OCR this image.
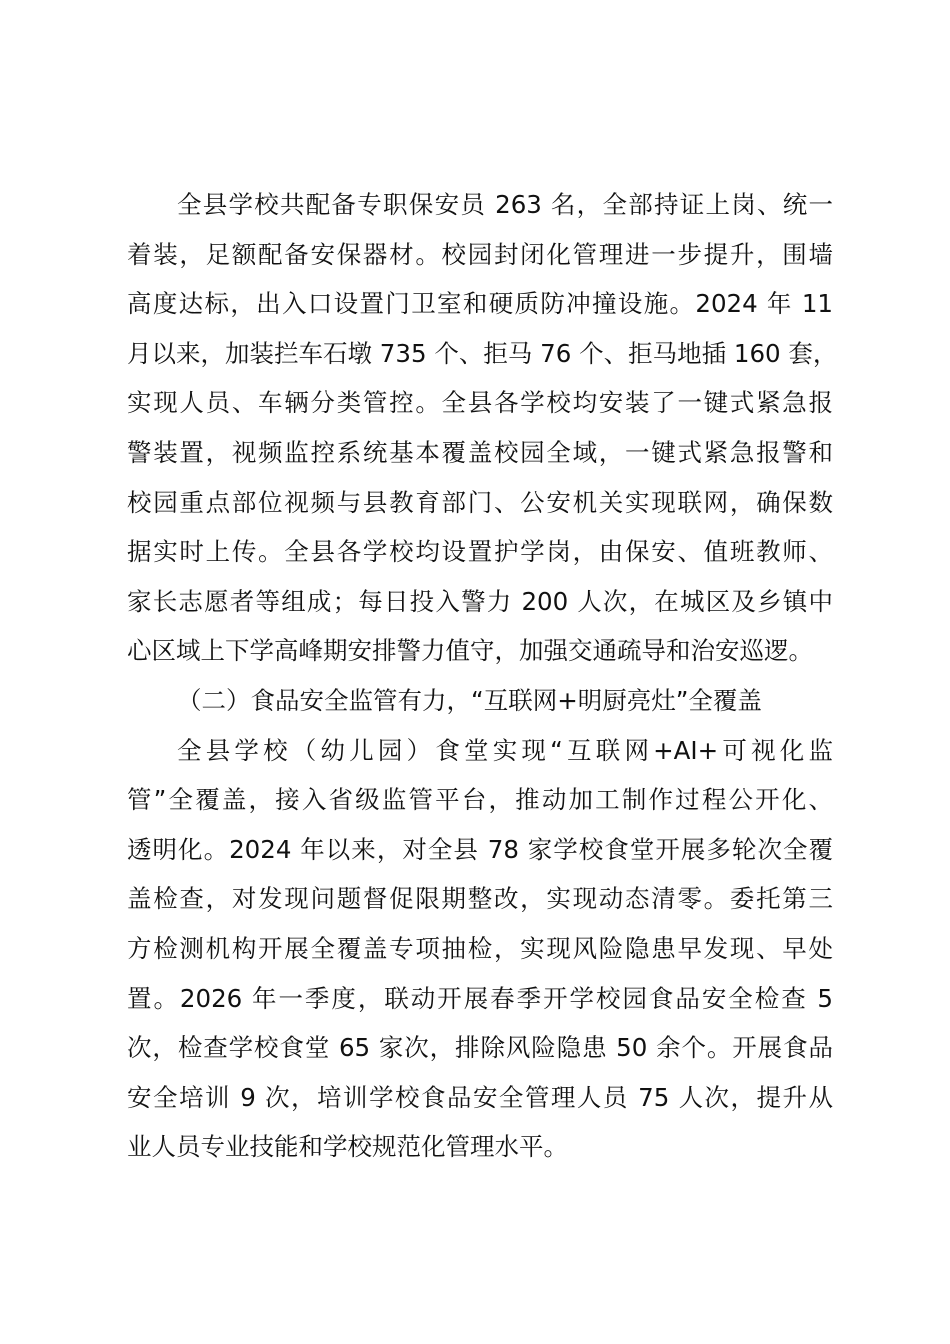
全县学校共配备专职保安员 263 名，全部持证上岗、统一
着装，足额配备安保器材。校园封闭化管理进一步提升，围墙
高度达标，出入口设置门卫室和硬质防冲撞设施。2024 年 11
月以来，加装拦车石墩 735 个、拒马 76 个、拒马地插 160 套，
实现人员、车辆分类管控。全县各学校均安装了一键式紧急报
警装置，视频监控系统基本覆盖校园全域，一键式紧急报警和
校园重点部位视频与县教育部门、公安机关实现联网，确保数
据实时上传。全县各学校均设置护学岗，由保安、值班教师、
家长志愿者等组成；每日投入警力 200 人次，在城区及乡镇中
心区域上下学高峰期安排警力值守，加强交通疏导和治安巡逻。
（二）食品安全监管有力，“互联网+明厨亮灶”全覆盖
全县学校（幼儿园）食堂实现“互联网+AI+可视化监
管”全覆盖，接入省级监管平台，推动加工制作过程公开化、
透明化。2024 年以来，对全县 78 家学校食堂开展多轮次全覆
盖检查，对发现问题督促限期整改，实现动态清零。委托第三
方检测机构开展全覆盖专项抽检，实现风险隐患早发现、早处
置。2026 年一季度，联动开展春季开学校园食品安全检查 5
次，检查学校食堂 65 家次，排除风险隐患 50 余个。开展食品
安全培训 9 次，培训学校食品安全管理人员 75 人次，提升从
业人员专业技能和学校规范化管理水平。
